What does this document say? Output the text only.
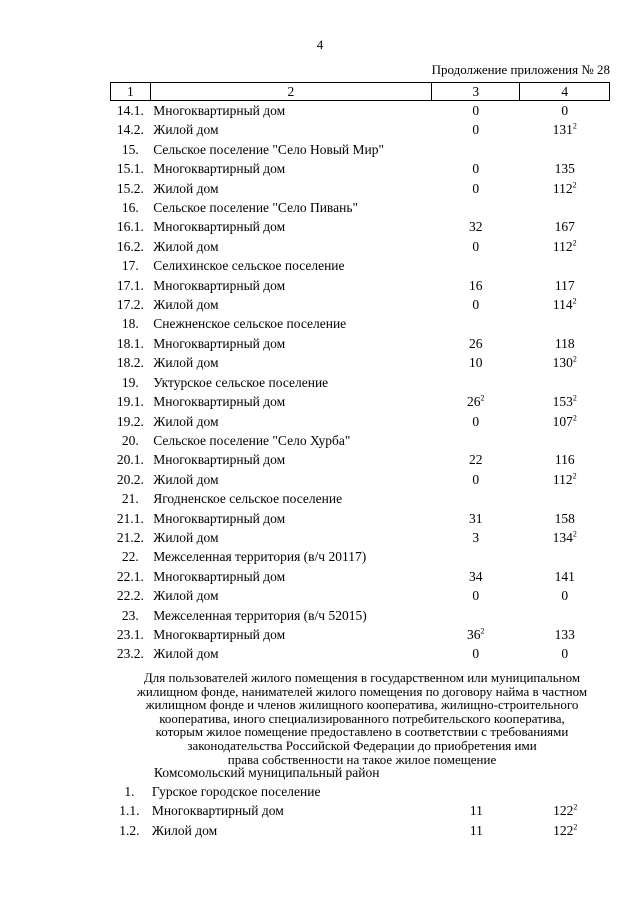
4
Продолжение приложения № 28
1	2	3	4
14.1.	Многоквартирный дом	0	0
14.2.	Жилой дом	0	$131^2$
15.	Сельское поселение "Село Новый Мир"		
15.1.	Многоквартирный дом	0	135
15.2.	Жилой дом	0	$112^2$
16.	Сельское поселение "Село Пивань"		
16.1.	Многоквартирный дом	32	167
16.2.	Жилой дом	0	$112^2$
17.	Селихинское сельское поселение		
17.1.	Многоквартирный дом	16	117
17.2.	Жилой дом	0	$114^2$
18.	Снежненское сельское поселение		
18.1.	Многоквартирный дом	26	118
18.2.	Жилой дом	10	$130^2$
19.	Уктурское сельское поселение		
19.1.	Многоквартирный дом	$26^2$	$153^2$
19.2.	Жилой дом	0	$107^2$
20.	Сельское поселение "Село Хурба"		
20.1.	Многоквартирный дом	22	116
20.2.	Жилой дом	0	$112^2$
21.	Ягодненское сельское поселение		
21.1.	Многоквартирный дом	31	158
21.2.	Жилой дом	3	$134^2$
22.	Межселенная территория (в/ч 20117)		
22.1.	Многоквартирный дом	34	141
22.2.	Жилой дом	0	0
23.	Межселенная территория (в/ч 52015)		
23.1.	Многоквартирный дом	$36^2$	133
23.2.	Жилой дом	0	0
Для пользователей жилого помещения в государственном или муниципальном
жилищном фонде, нанимателей жилого помещения по договору найма в частном
жилищном фонде и членов жилищного кооператива, жилищно-строительного
кооператива, иного специализированного потребительского кооператива,
которым жилое помещение предоставлено в соответствии с требованиями
законодательства Российской Федерации до приобретения ими
права собственности на такое жилое помещение
Комсомольский муниципальный район
1.	Гурское городское поселение		
1.1.	Многоквартирный дом	11	$122^2$
1.2.	Жилой дом	11	$122^2$
